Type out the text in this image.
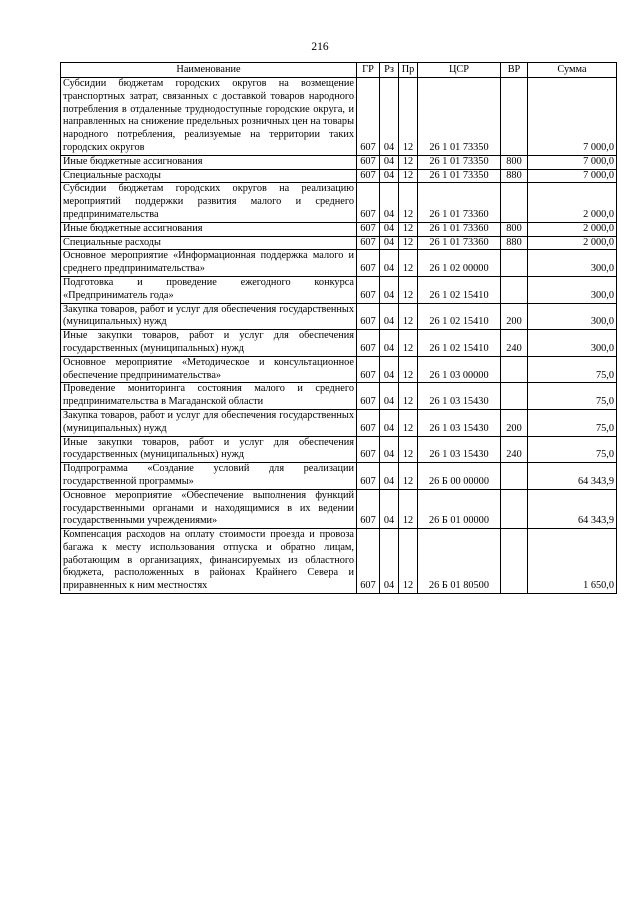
216
Наименование	ГР	Рз	Пр	ЦСР	ВР	Сумма
Субсидии бюджетам городских округов на возмещение транспортных затрат, связанных с доставкой товаров народного потребления в отдаленные труднодоступные городские округа, и направленных на снижение предельных розничных цен на товары народного потребления, реализуемые на территории таких городских округов	607	04	12	26 1 01 73350		7 000,0
Иные бюджетные ассигнования	607	04	12	26 1 01 73350	800	7 000,0
Специальные расходы	607	04	12	26 1 01 73350	880	7 000,0
Субсидии бюджетам городских округов на реализацию мероприятий поддержки развития малого и среднего предпринимательства	607	04	12	26 1 01 73360		2 000,0
Иные бюджетные ассигнования	607	04	12	26 1 01 73360	800	2 000,0
Специальные расходы	607	04	12	26 1 01 73360	880	2 000,0
Основное мероприятие «Информационная поддержка малого и среднего предпринимательства»	607	04	12	26 1 02 00000		300,0
Подготовка и проведение ежегодного конкурса «Предприниматель года»	607	04	12	26 1 02 15410		300,0
Закупка товаров, работ и услуг для обеспечения государственных (муниципальных) нужд	607	04	12	26 1 02 15410	200	300,0
Иные закупки товаров, работ и услуг для обеспечения государственных (муниципальных) нужд	607	04	12	26 1 02 15410	240	300,0
Основное мероприятие «Методическое и консультационное обеспечение предпринимательства»	607	04	12	26 1 03 00000		75,0
Проведение мониторинга состояния малого и среднего предпринимательства в Магаданской области	607	04	12	26 1 03 15430		75,0
Закупка товаров, работ и услуг для обеспечения государственных (муниципальных) нужд	607	04	12	26 1 03 15430	200	75,0
Иные закупки товаров, работ и услуг для обеспечения государственных (муниципальных) нужд	607	04	12	26 1 03 15430	240	75,0
Подпрограмма «Создание условий для реализации государственной программы»	607	04	12	26 Б 00 00000		64 343,9
Основное мероприятие «Обеспечение выполнения функций государственными органами и находящимися в их ведении государственными учреждениями»	607	04	12	26 Б 01 00000		64 343,9
Компенсация расходов на оплату стоимости проезда и провоза багажа к месту использования отпуска и обратно лицам, работающим в организациях, финансируемых из областного бюджета, расположенных в районах Крайнего Севера и приравненных к ним местностях	607	04	12	26 Б 01 80500		1 650,0
